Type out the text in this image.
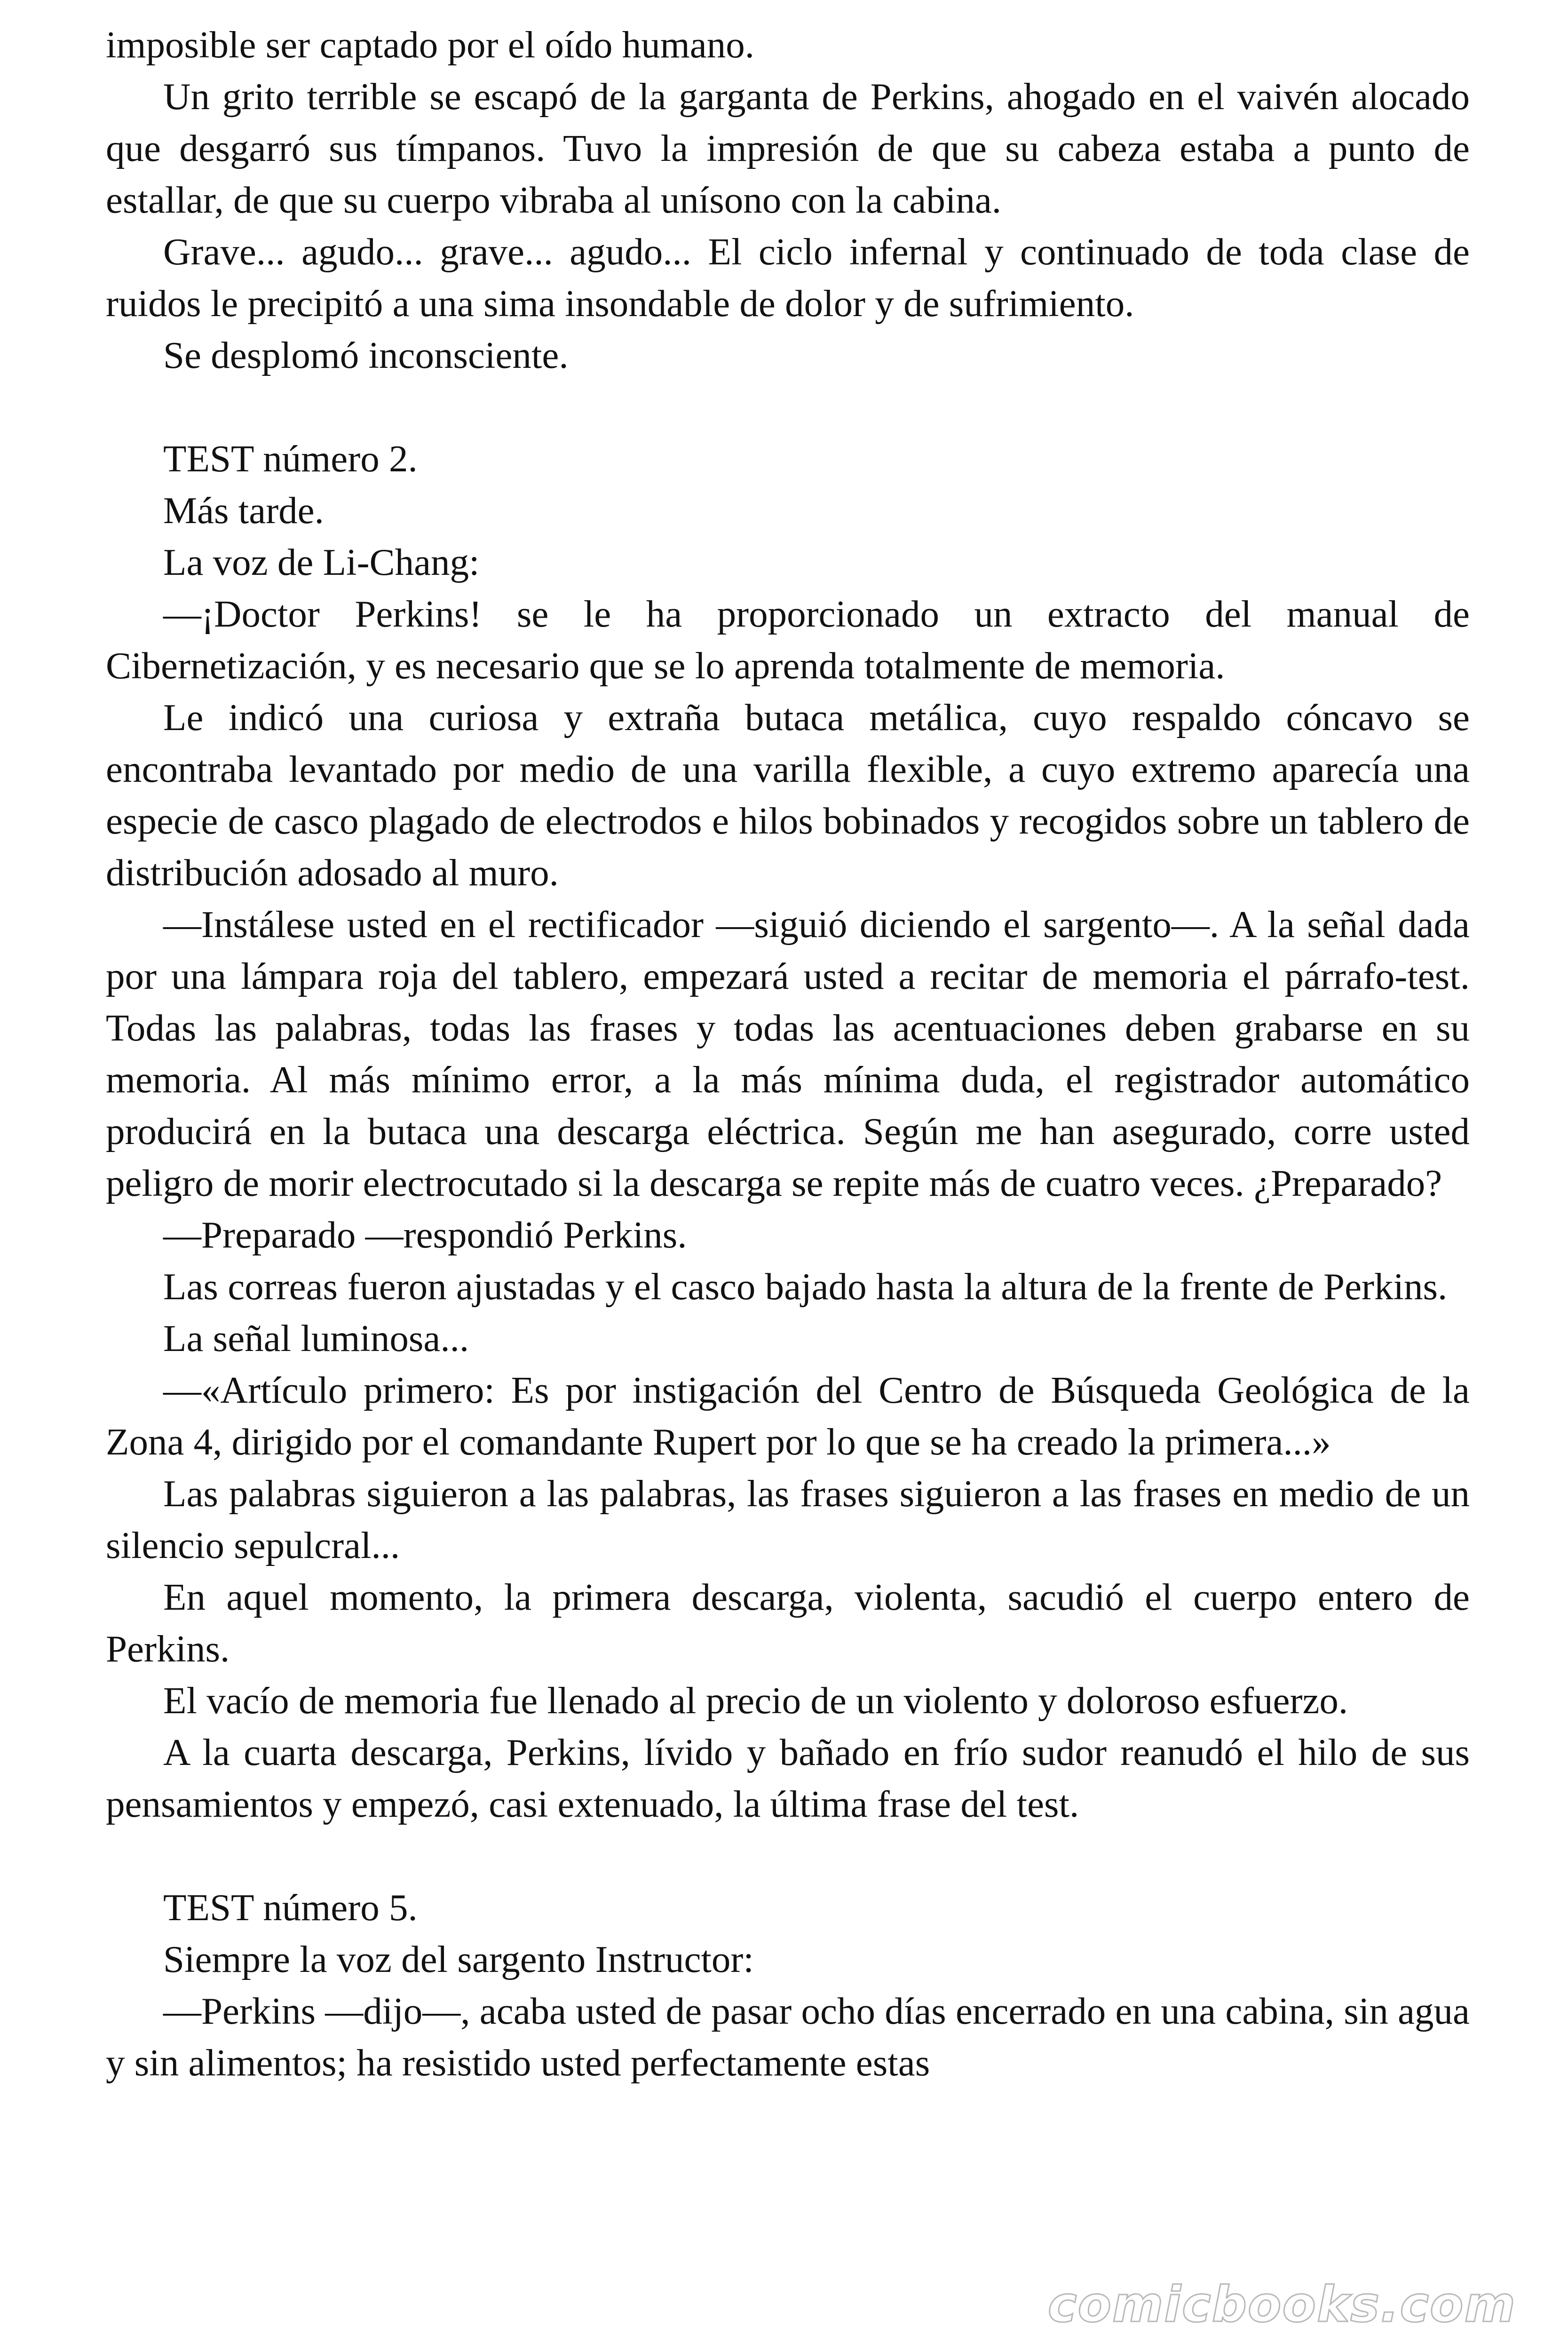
imposible ser captado por el oído humano.

Un grito terrible se escapó de la garganta de Perkins, ahogado en el vaivén alocado que desgarró sus tímpanos. Tuvo la impresión de que su cabeza estaba a punto de estallar, de que su cuerpo vibraba al unísono con la cabina.

Grave... agudo... grave... agudo... El ciclo infernal y continuado de toda clase de ruidos le precipitó a una sima insondable de dolor y de sufrimiento.

Se desplomó inconsciente.

TEST número 2.

Más tarde.

La voz de Li-Chang:

—¡Doctor Perkins! se le ha proporcionado un extracto del manual de Cibernetización, y es necesario que se lo aprenda totalmente de memoria.

Le indicó una curiosa y extraña butaca metálica, cuyo respaldo cóncavo se encontraba levantado por medio de una varilla flexible, a cuyo extremo aparecía una especie de casco plagado de electrodos e hilos bobinados y recogidos sobre un tablero de distribución adosado al muro.

—Instálese usted en el rectificador —siguió diciendo el sargento—. A la señal dada por una lámpara roja del tablero, empezará usted a recitar de memoria el párrafo-test. Todas las palabras, todas las frases y todas las acentuaciones deben grabarse en su memoria. Al más mínimo error, a la más mínima duda, el registrador automático producirá en la butaca una descarga eléctrica. Según me han asegurado, corre usted peligro de morir electrocutado si la descarga se repite más de cuatro veces. ¿Preparado?

—Preparado —respondió Perkins.

Las correas fueron ajustadas y el casco bajado hasta la altura de la frente de Perkins.

La señal luminosa...

—«Artículo primero: Es por instigación del Centro de Búsqueda Geológica de la Zona 4, dirigido por el comandante Rupert por lo que se ha creado la primera...»

Las palabras siguieron a las palabras, las frases siguieron a las frases en medio de un silencio sepulcral...

En aquel momento, la primera descarga, violenta, sacudió el cuerpo entero de Perkins.

El vacío de memoria fue llenado al precio de un violento y doloroso esfuerzo.

A la cuarta descarga, Perkins, lívido y bañado en frío sudor reanudó el hilo de sus pensamientos y empezó, casi extenuado, la última frase del test.

TEST número 5.

Siempre la voz del sargento Instructor:

—Perkins —dijo—, acaba usted de pasar ocho días encerrado en una cabina, sin agua y sin alimentos; ha resistido usted perfectamente estas

comicbooks.com
